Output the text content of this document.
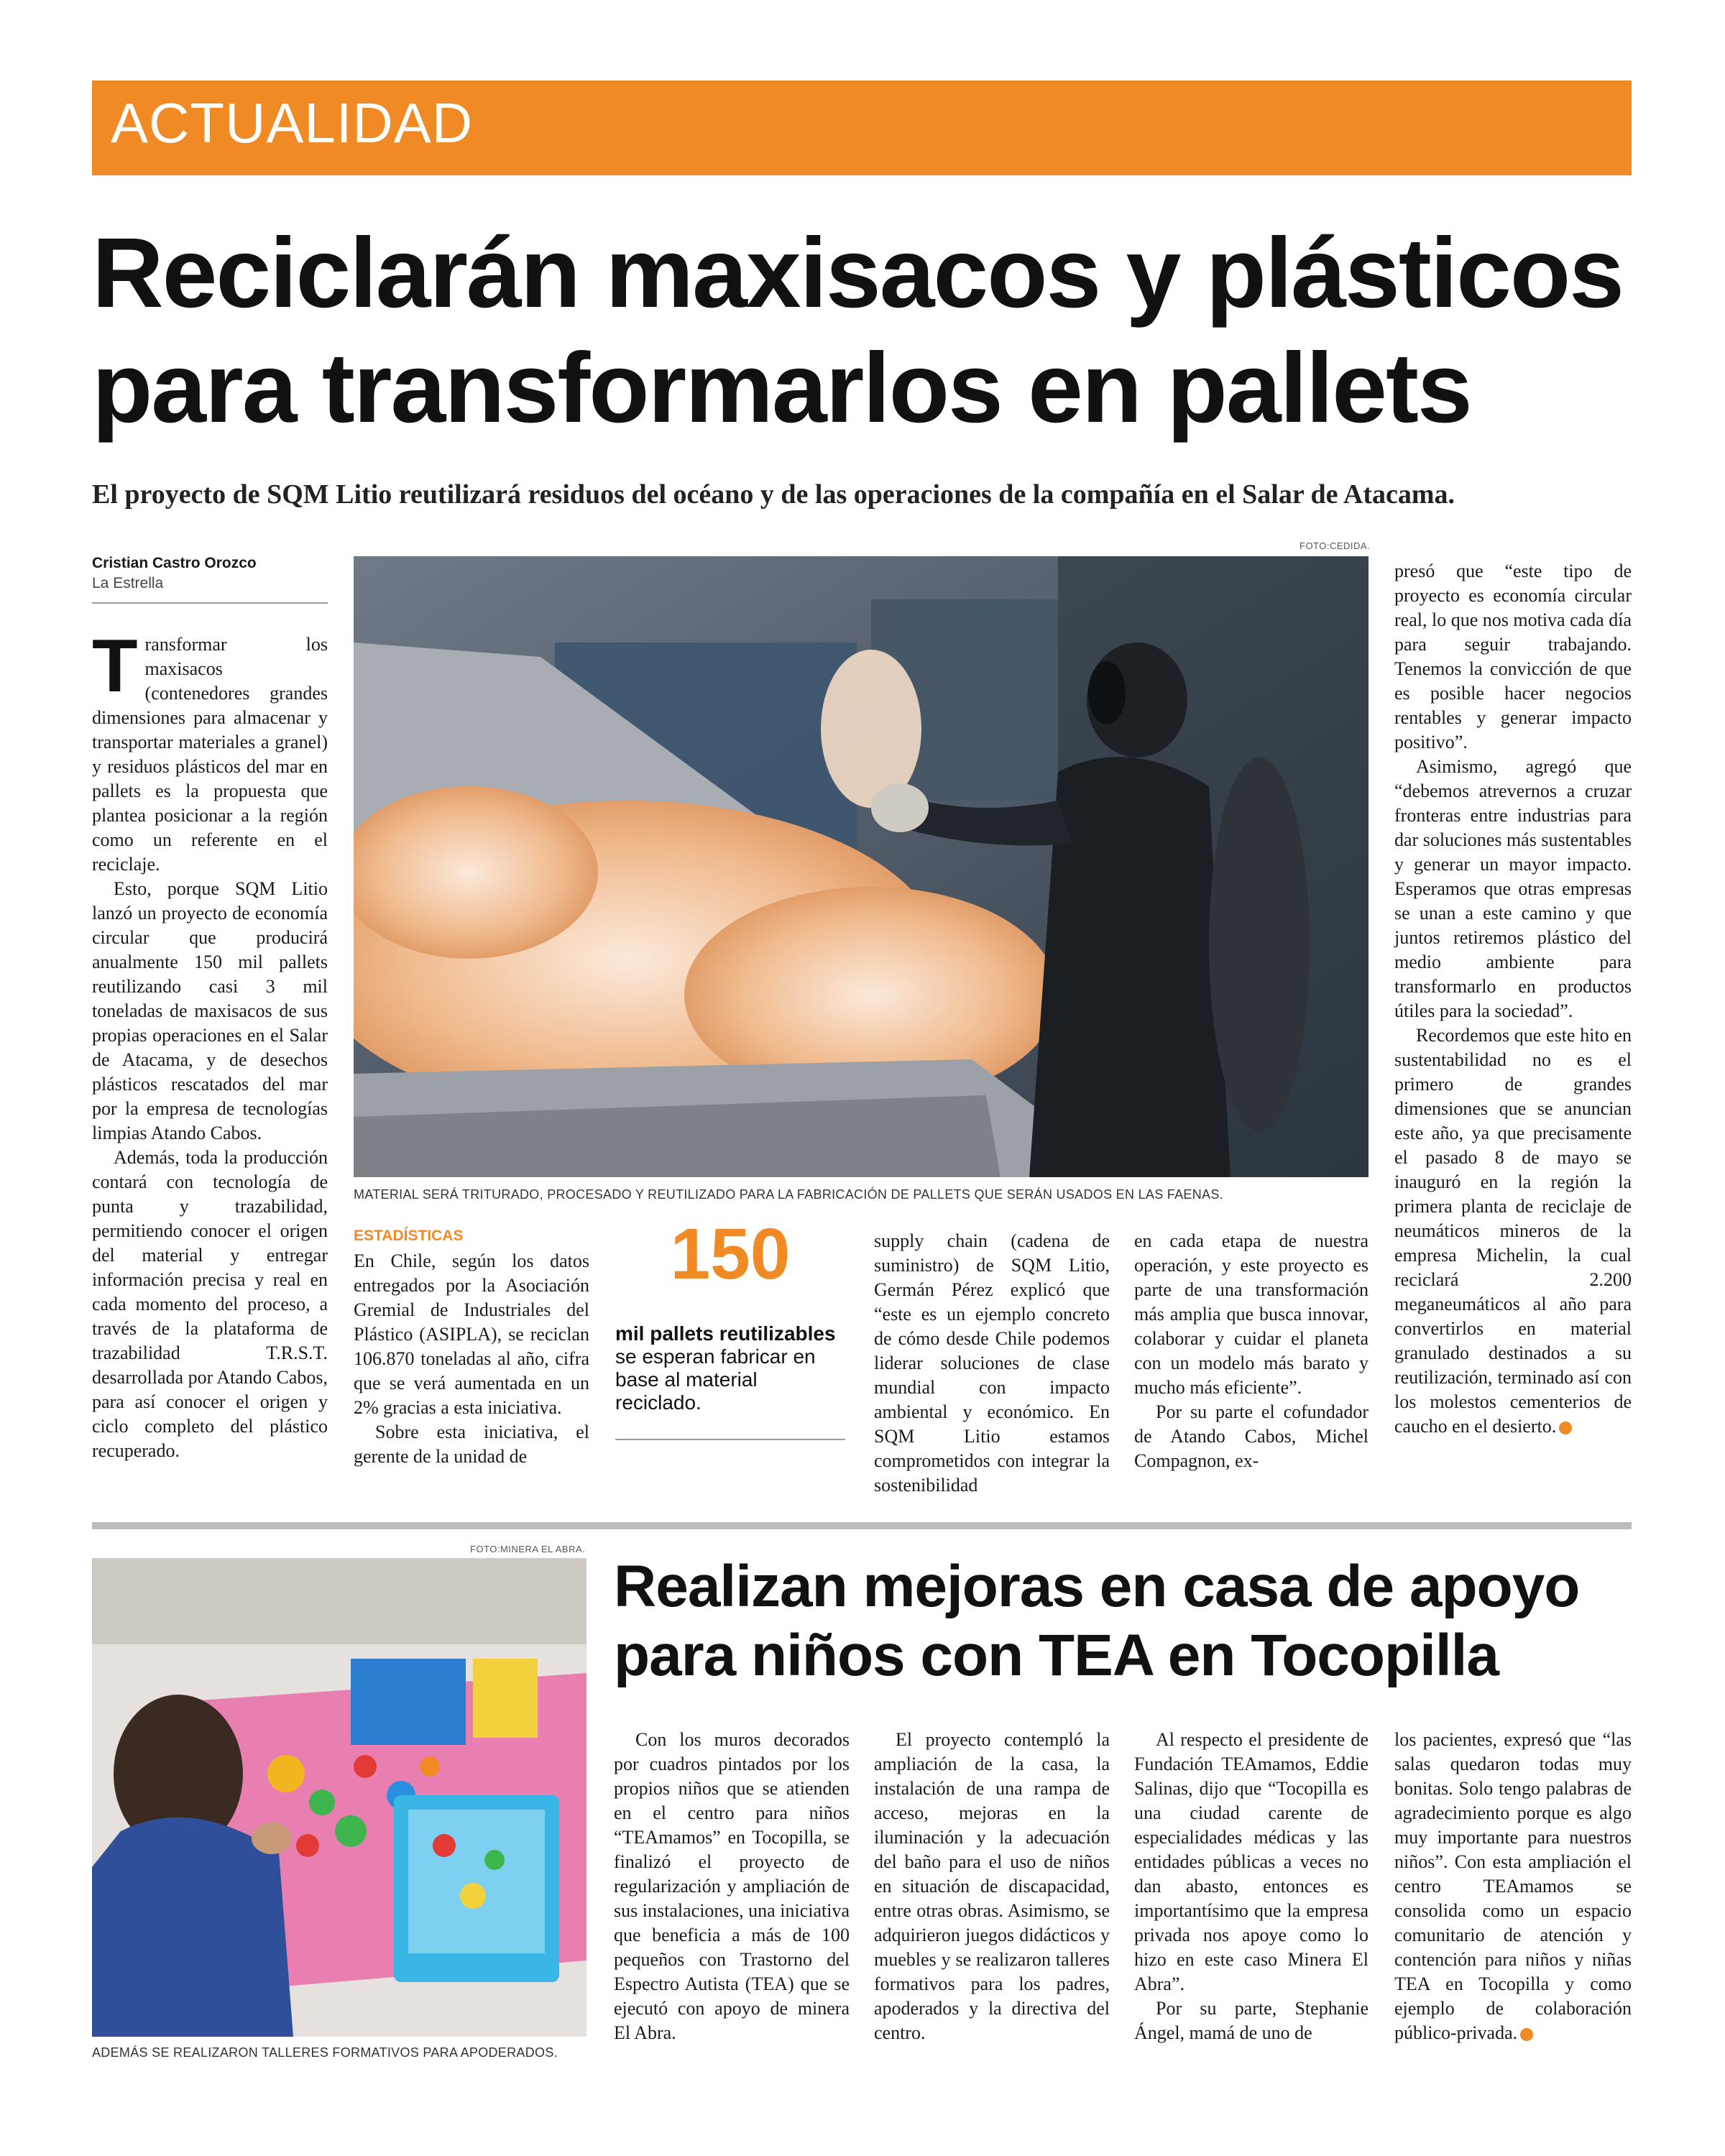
ACTUALIDAD
Reciclarán maxisacos y plásticos
para transformarlos en pallets
El proyecto de SQM Litio reutilizará residuos del océano y de las operaciones de la compañía en el Salar de Atacama.
Cristian Castro Orozco
La Estrella
FOTO:CEDIDA.
MATERIAL SERÁ TRITURADO, PROCESADO Y REUTILIZADO PARA LA FABRICACIÓN DE PALLETS QUE SERÁN USADOS EN LAS FAENAS.

Transformar los maxisacos (contenedores grandes dimensiones para almacenar y transportar materiales a granel) y residuos plásticos del mar en pallets es la propuesta que plantea posicionar a la región como un referente en el reciclaje.

Esto, porque SQM Litio lanzó un proyecto de economía circular que producirá anualmente 150 mil pallets reutilizando casi 3 mil toneladas de maxisacos de sus propias operaciones en el Salar de Atacama, y de desechos plásticos rescatados del mar por la empresa de tecnologías limpias Atando Cabos.

Además, toda la producción contará con tecnología de punta y trazabilidad, permitiendo conocer el origen del material y entregar información precisa y real en cada momento del proceso, a través de la plataforma de trazabilidad T.R.S.T. desarrollada por Atando Cabos, para así conocer el origen y ciclo completo del plástico recuperado.

ESTADÍSTICAS

En Chile, según los datos entregados por la Asociación Gremial de Industriales del Plástico (ASIPLA), se reciclan 106.870 toneladas al año, cifra que se verá aumentada en un 2% gracias a esta iniciativa.

Sobre esta iniciativa, el gerente de la unidad de

150
mil pallets reutilizables se esperan fabricar en base al material reciclado.

supply chain (cadena de suministro) de SQM Litio, Germán Pérez explicó que “este es un ejemplo concreto de cómo desde Chile podemos liderar soluciones de clase mundial con impacto ambiental y económico. En SQM Litio estamos comprometidos con integrar la sostenibilidad

en cada etapa de nuestra operación, y este proyecto es parte de una transformación más amplia que busca innovar, colaborar y cuidar el planeta con un modelo más barato y mucho más eficiente”.

Por su parte el cofundador de Atando Cabos, Michel Compagnon, ex-

presó que “este tipo de proyecto es economía circular real, lo que nos motiva cada día para seguir trabajando. Tenemos la convicción de que es posible hacer negocios rentables y generar impacto positivo”.

Asimismo, agregó que “debemos atrevernos a cruzar fronteras entre industrias para dar soluciones más sustentables y generar un mayor impacto. Esperamos que otras empresas se unan a este camino y que juntos retiremos plástico del medio ambiente para transformarlo en productos útiles para la sociedad”.

Recordemos que este hito en sustentabilidad no es el primero de grandes dimensiones que se anuncian este año, ya que precisamente el pasado 8 de mayo se inauguró en la región la primera planta de reciclaje de neumáticos mineros de la empresa Michelin, la cual reciclará 2.200 meganeumáticos al año para convertirlos en material granulado destinados a su reutilización, terminado así con los molestos cementerios de caucho en el desierto.

FOTO:MINERA EL ABRA.
ADEMÁS SE REALIZARON TALLERES FORMATIVOS PARA APODERADOS.
Realizan mejoras en casa de apoyo
para niños con TEA en Tocopilla

Con los muros decorados por cuadros pintados por los propios niños que se atienden en el centro para niños “TEAmamos” en Tocopilla, se finalizó el proyecto de regularización y ampliación de sus instalaciones, una iniciativa que beneficia a más de 100 pequeños con Trastorno del Espectro Autista (TEA) que se ejecutó con apoyo de minera El Abra.

El proyecto contempló la ampliación de la casa, la instalación de una rampa de acceso, mejoras en la iluminación y la adecuación del baño para el uso de niños en situación de discapacidad, entre otras obras. Asimismo, se adquirieron juegos didácticos y muebles y se realizaron talleres formativos para los padres, apoderados y la directiva del centro.

Al respecto el presidente de Fundación TEAmamos, Eddie Salinas, dijo que “Tocopilla es una ciudad carente de especialidades médicas y las entidades públicas a veces no dan abasto, entonces es importantísimo que la empresa privada nos apoye como lo hizo en este caso Minera El Abra”.

Por su parte, Stephanie Ángel, mamá de uno de

los pacientes, expresó que “las salas quedaron todas muy bonitas. Solo tengo palabras de agradecimiento porque es algo muy importante para nuestros niños”. Con esta ampliación el centro TEAmamos se consolida como un espacio comunitario de atención y contención para niños y niñas TEA en Tocopilla y como ejemplo de colaboración público-privada.
